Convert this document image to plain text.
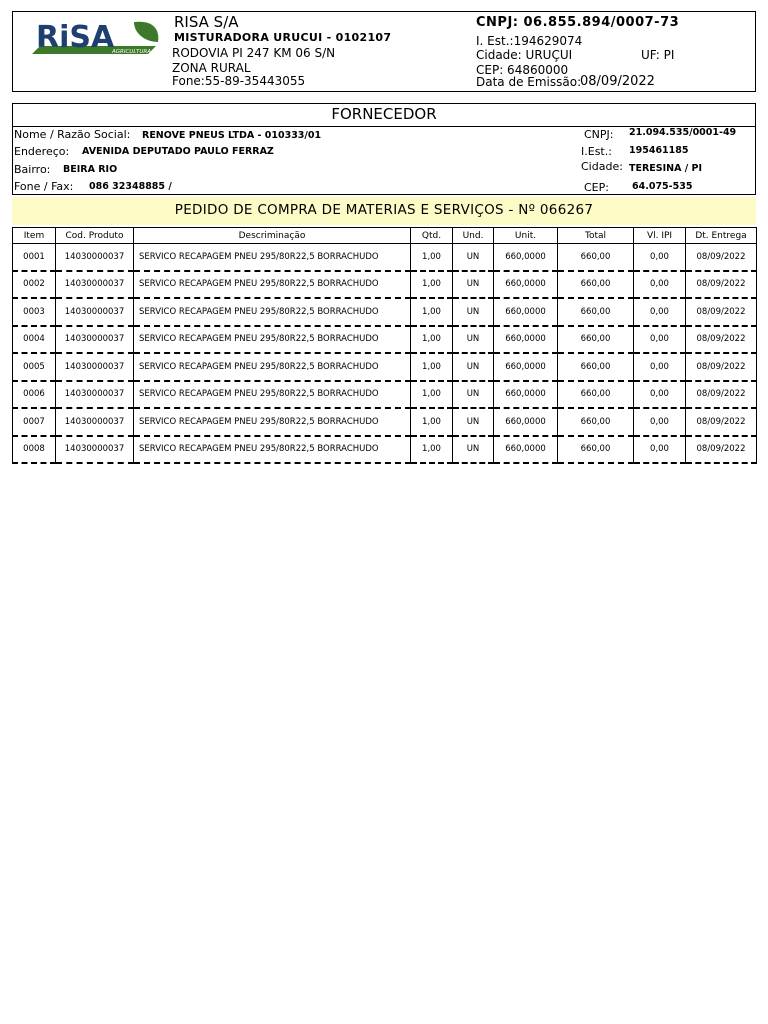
RiSA
AGRICULTURA
RISA S/A
MISTURADORA URUCUI - 0102107
RODOVIA PI 247 KM 06 S/N
ZONA RURAL
Fone:55-89-35443055
CNPJ: 06.855.894/0007-73
I. Est.:194629074
Cidade: URUÇUI	UF: PI
CEP: 64860000
Data de Emissão:
08/09/2022
FORNECEDOR
Nome / Razão Social: RENOVE PNEUS LTDA - 010333/01
Endereço: AVENIDA DEPUTADO PAULO FERRAZ
Bairro: BEIRA RIO
Fone / Fax: 086 32348885 /
CNPJ: 21.094.535/0001-49
I.Est.: 195461185
Cidade: TERESINA / PI
CEP: 64.075-535
PEDIDO DE COMPRA DE MATERIAS E SERVIÇOS - Nº 066267
Item	Cod. Produto	Descriminação	Qtd.	Und.	Unit.	Total	Vl. IPI	Dt. Entrega
0001	14030000037	SERVICO RECAPAGEM PNEU 295/80R22,5 BORRACHUDO	1,00	UN	660,0000	660,00	0,00	08/09/2022
0002	14030000037	SERVICO RECAPAGEM PNEU 295/80R22,5 BORRACHUDO	1,00	UN	660,0000	660,00	0,00	08/09/2022
0003	14030000037	SERVICO RECAPAGEM PNEU 295/80R22,5 BORRACHUDO	1,00	UN	660,0000	660,00	0,00	08/09/2022
0004	14030000037	SERVICO RECAPAGEM PNEU 295/80R22,5 BORRACHUDO	1,00	UN	660,0000	660,00	0,00	08/09/2022
0005	14030000037	SERVICO RECAPAGEM PNEU 295/80R22,5 BORRACHUDO	1,00	UN	660,0000	660,00	0,00	08/09/2022
0006	14030000037	SERVICO RECAPAGEM PNEU 295/80R22,5 BORRACHUDO	1,00	UN	660,0000	660,00	0,00	08/09/2022
0007	14030000037	SERVICO RECAPAGEM PNEU 295/80R22,5 BORRACHUDO	1,00	UN	660,0000	660,00	0,00	08/09/2022
0008	14030000037	SERVICO RECAPAGEM PNEU 295/80R22,5 BORRACHUDO	1,00	UN	660,0000	660,00	0,00	08/09/2022
